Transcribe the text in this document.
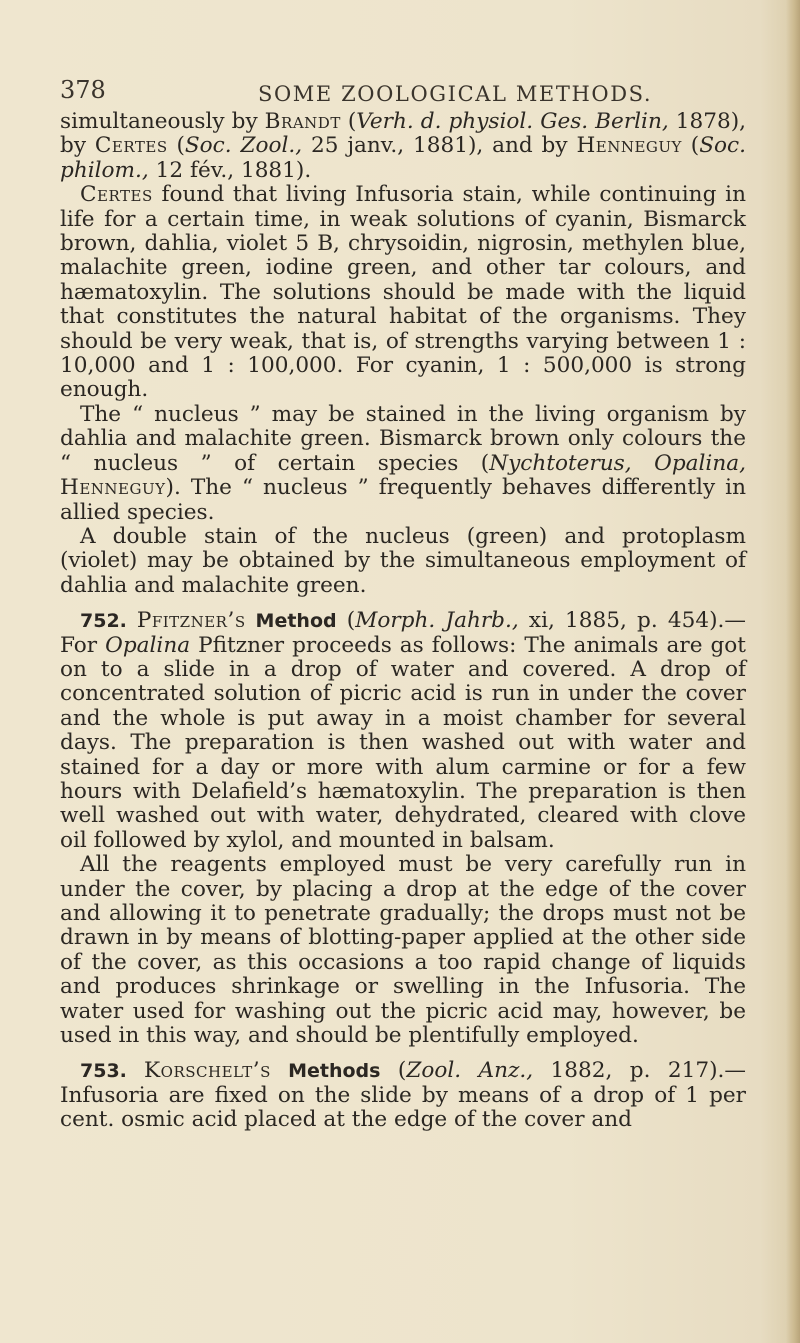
378	SOME ZOOLOGICAL METHODS.

simultaneously by Brandt (Verh. d. physiol. Ges. Berlin, 1878), by Certes (Soc. Zool., 25 janv., 1881), and by Henneguy (Soc. philom., 12 fév., 1881).

Certes found that living Infusoria stain, while continuing in life for a certain time, in weak solutions of cyanin, Bismarck brown, dahlia, violet 5 B, chrysoidin, nigrosin, methylen blue, malachite green, iodine green, and other tar colours, and hæmatoxylin. The solutions should be made with the liquid that constitutes the natural habitat of the organisms. They should be very weak, that is, of strengths varying between 1 : 10,000 and 1 : 100,000. For cyanin, 1 : 500,000 is strong enough.

The “ nucleus ” may be stained in the living organism by dahlia and malachite green. Bismarck brown only colours the “ nucleus ” of certain species (Nychtoterus, Opalina, Henneguy). The “ nucleus ” frequently behaves differently in allied species.

A double stain of the nucleus (green) and protoplasm (violet) may be obtained by the simultaneous employment of dahlia and malachite green.

752. Pfitzner’s Method (Morph. Jahrb., xi, 1885, p. 454).— For Opalina Pfitzner proceeds as follows: The animals are got on to a slide in a drop of water and covered. A drop of concentrated solution of picric acid is run in under the cover and the whole is put away in a moist chamber for several days. The preparation is then washed out with water and stained for a day or more with alum carmine or for a few hours with Delafield’s hæmatoxylin. The preparation is then well washed out with water, dehydrated, cleared with clove oil followed by xylol, and mounted in balsam.

All the reagents employed must be very carefully run in under the cover, by placing a drop at the edge of the cover and allowing it to penetrate gradually; the drops must not be drawn in by means of blotting-paper applied at the other side of the cover, as this occasions a too rapid change of liquids and produces shrinkage or swelling in the Infusoria. The water used for washing out the picric acid may, however, be used in this way, and should be plentifully employed.

753. Korschelt’s Methods (Zool. Anz., 1882, p. 217).— Infusoria are fixed on the slide by means of a drop of 1 per cent. osmic acid placed at the edge of the cover and
